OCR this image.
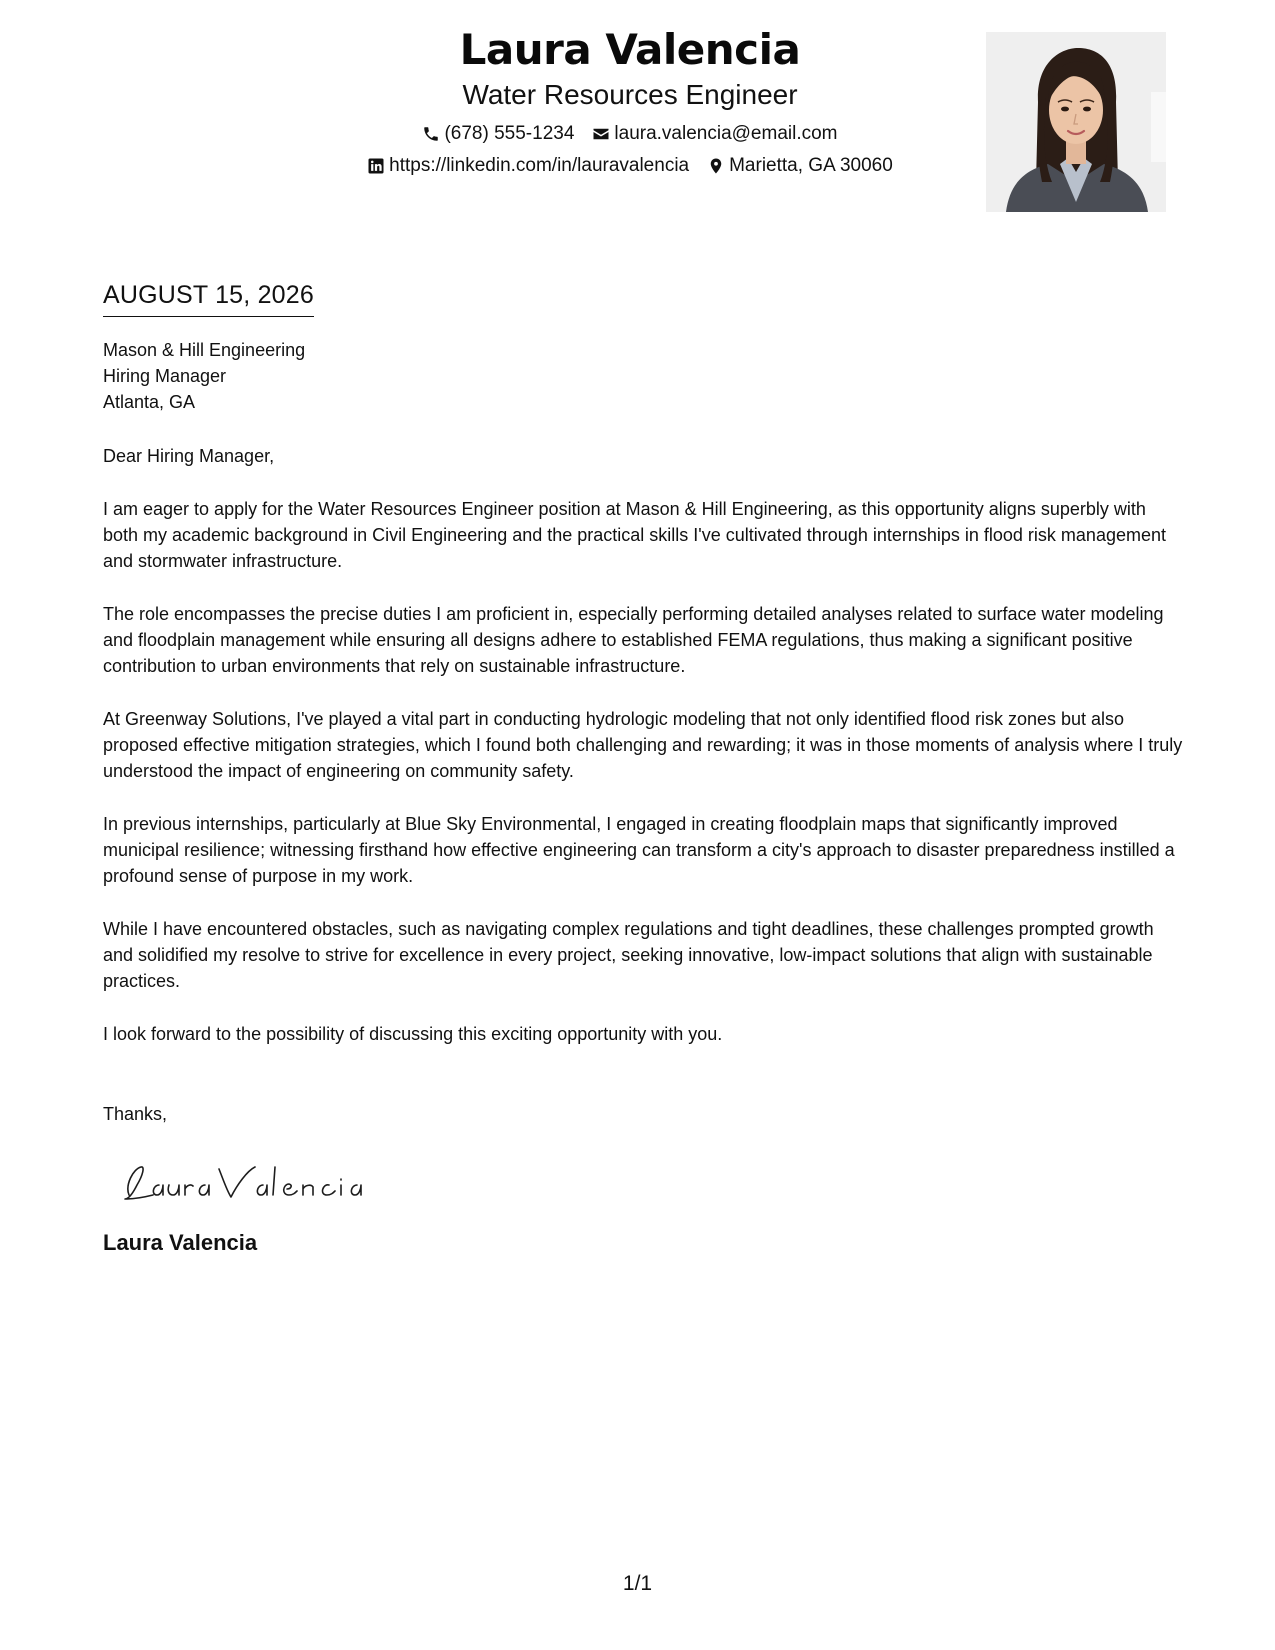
Laura Valencia
Water Resources Engineer
(678) 555-1234 laura.valencia@email.com
https://linkedin.com/in/lauravalencia Marietta, GA 30060
AUGUST 15, 2026
Mason & Hill Engineering
Hiring Manager
Atlanta, GA
Dear Hiring Manager,
I am eager to apply for the Water Resources Engineer position at Mason & Hill Engineering, as this opportunity aligns superbly with both my academic background in Civil Engineering and the practical skills I've cultivated through internships in flood risk management and stormwater infrastructure.
The role encompasses the precise duties I am proficient in, especially performing detailed analyses related to surface water modeling and floodplain management while ensuring all designs adhere to established FEMA regulations, thus making a significant positive contribution to urban environments that rely on sustainable infrastructure.
At Greenway Solutions, I've played a vital part in conducting hydrologic modeling that not only identified flood risk zones but also proposed effective mitigation strategies, which I found both challenging and rewarding; it was in those moments of analysis where I truly understood the impact of engineering on community safety.
In previous internships, particularly at Blue Sky Environmental, I engaged in creating floodplain maps that significantly improved municipal resilience; witnessing firsthand how effective engineering can transform a city's approach to disaster preparedness instilled a profound sense of purpose in my work.
While I have encountered obstacles, such as navigating complex regulations and tight deadlines, these challenges prompted growth and solidified my resolve to strive for excellence in every project, seeking innovative, low-impact solutions that align with sustainable practices.
I look forward to the possibility of discussing this exciting opportunity with you.
Thanks,
Laura Valencia
1/1
